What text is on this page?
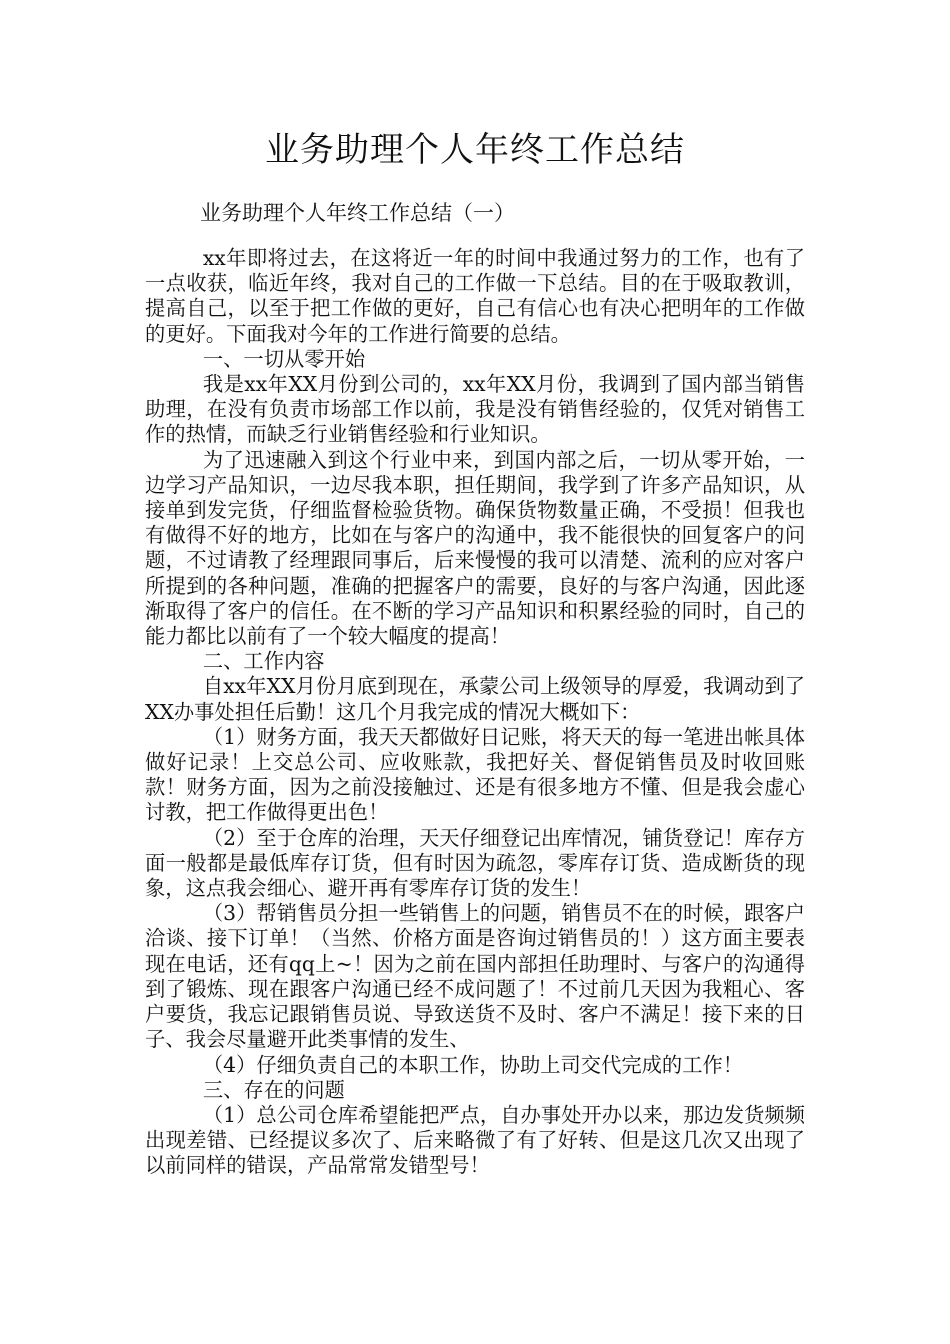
业务助理个人年终工作总结

业务助理个人年终工作总结（一）

xx年即将过去，在这将近一年的时间中我通过努力的工作，也有了一点收获，临近年终，我对自己的工作做一下总结。目的在于吸取教训，提高自己，以至于把工作做的更好，自己有信心也有决心把明年的工作做的更好。下面我对今年的工作进行简要的总结。

一、一切从零开始

我是xx年XX月份到公司的，xx年XX月份，我调到了国内部当销售助理，在没有负责市场部工作以前，我是没有销售经验的，仅凭对销售工作的热情，而缺乏行业销售经验和行业知识。

为了迅速融入到这个行业中来，到国内部之后，一切从零开始，一边学习产品知识，一边尽我本职，担任期间，我学到了许多产品知识，从接单到发完货，仔细监督检验货物。确保货物数量正确，不受损！但我也有做得不好的地方，比如在与客户的沟通中，我不能很快的回复客户的问题，不过请教了经理跟同事后，后来慢慢的我可以清楚、流利的应对客户所提到的各种问题，准确的把握客户的需要，良好的与客户沟通，因此逐渐取得了客户的信任。在不断的学习产品知识和积累经验的同时，自己的能力都比以前有了一个较大幅度的提高！

二、工作内容

自xx年XX月份月底到现在，承蒙公司上级领导的厚爱，我调动到了XX办事处担任后勤！这几个月我完成的情况大概如下：

（1）财务方面，我天天都做好日记账，将天天的每一笔进出帐具体做好记录！上交总公司、应收账款，我把好关、督促销售员及时收回账款！财务方面，因为之前没接触过、还是有很多地方不懂、但是我会虚心讨教，把工作做得更出色！

（2）至于仓库的治理，天天仔细登记出库情况，铺货登记！库存方面一般都是最低库存订货，但有时因为疏忽，零库存订货、造成断货的现象，这点我会细心、避开再有零库存订货的发生！

（3）帮销售员分担一些销售上的问题，销售员不在的时候，跟客户洽谈、接下订单！（当然、价格方面是咨询过销售员的！）这方面主要表现在电话，还有qq上~！因为之前在国内部担任助理时、与客户的沟通得到了锻炼、现在跟客户沟通已经不成问题了！不过前几天因为我粗心、客户要货，我忘记跟销售员说、导致送货不及时、客户不满足！接下来的日子、我会尽量避开此类事情的发生、

（4）仔细负责自己的本职工作，协助上司交代完成的工作！

三、存在的问题

（1）总公司仓库希望能把严点，自办事处开办以来，那边发货频频出现差错、已经提议多次了、后来略微了有了好转、但是这几次又出现了以前同样的错误，产品常常发错型号！
